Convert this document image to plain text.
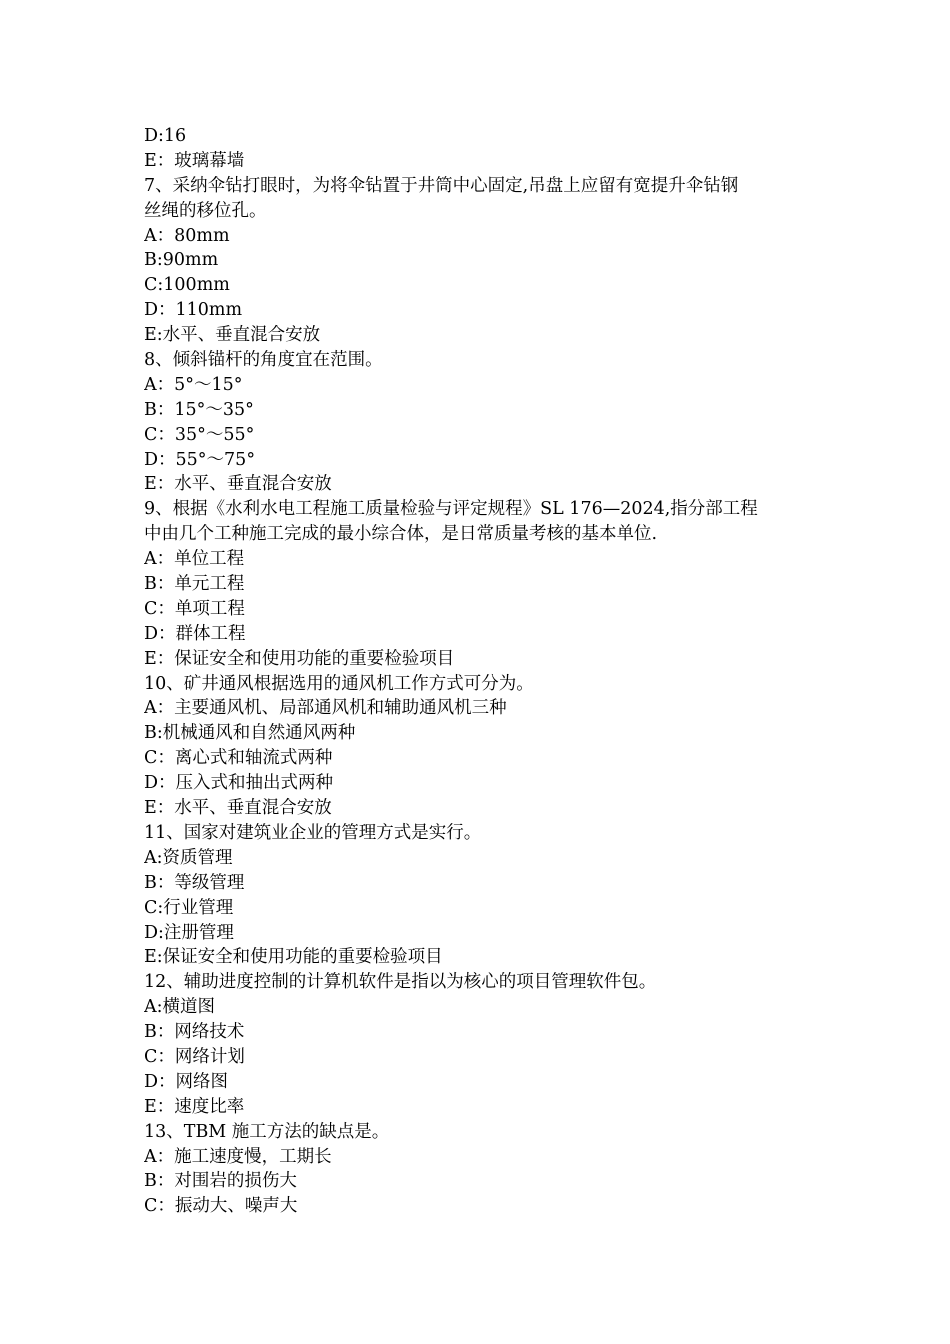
D:16
E：玻璃幕墙
7、采纳伞钻打眼时，为将伞钻置于井筒中心固定,吊盘上应留有宽提升伞钻钢
丝绳的移位孔。
A：80mm
B:90mm
C:100mm
D：110mm
E:水平、垂直混合安放
8、倾斜锚杆的角度宜在范围。
A：5°～15°
B：15°～35°
C：35°～55°
D：55°～75°
E：水平、垂直混合安放
9、根据《水利水电工程施工质量检验与评定规程》SL 176—2024,指分部工程
中由几个工种施工完成的最小综合体，是日常质量考核的基本单位.
A：单位工程
B：单元工程
C：单项工程
D：群体工程
E：保证安全和使用功能的重要检验项目
10、矿井通风根据选用的通风机工作方式可分为。
A：主要通风机、局部通风机和辅助通风机三种
B:机械通风和自然通风两种
C：离心式和轴流式两种
D：压入式和抽出式两种
E：水平、垂直混合安放
11、国家对建筑业企业的管理方式是实行。
A:资质管理
B：等级管理
C:行业管理
D:注册管理
E:保证安全和使用功能的重要检验项目
12、辅助进度控制的计算机软件是指以为核心的项目管理软件包。
A:横道图
B：网络技术
C：网络计划
D：网络图
E：速度比率
13、TBM 施工方法的缺点是。
A：施工速度慢，工期长
B：对围岩的损伤大
C：振动大、噪声大
